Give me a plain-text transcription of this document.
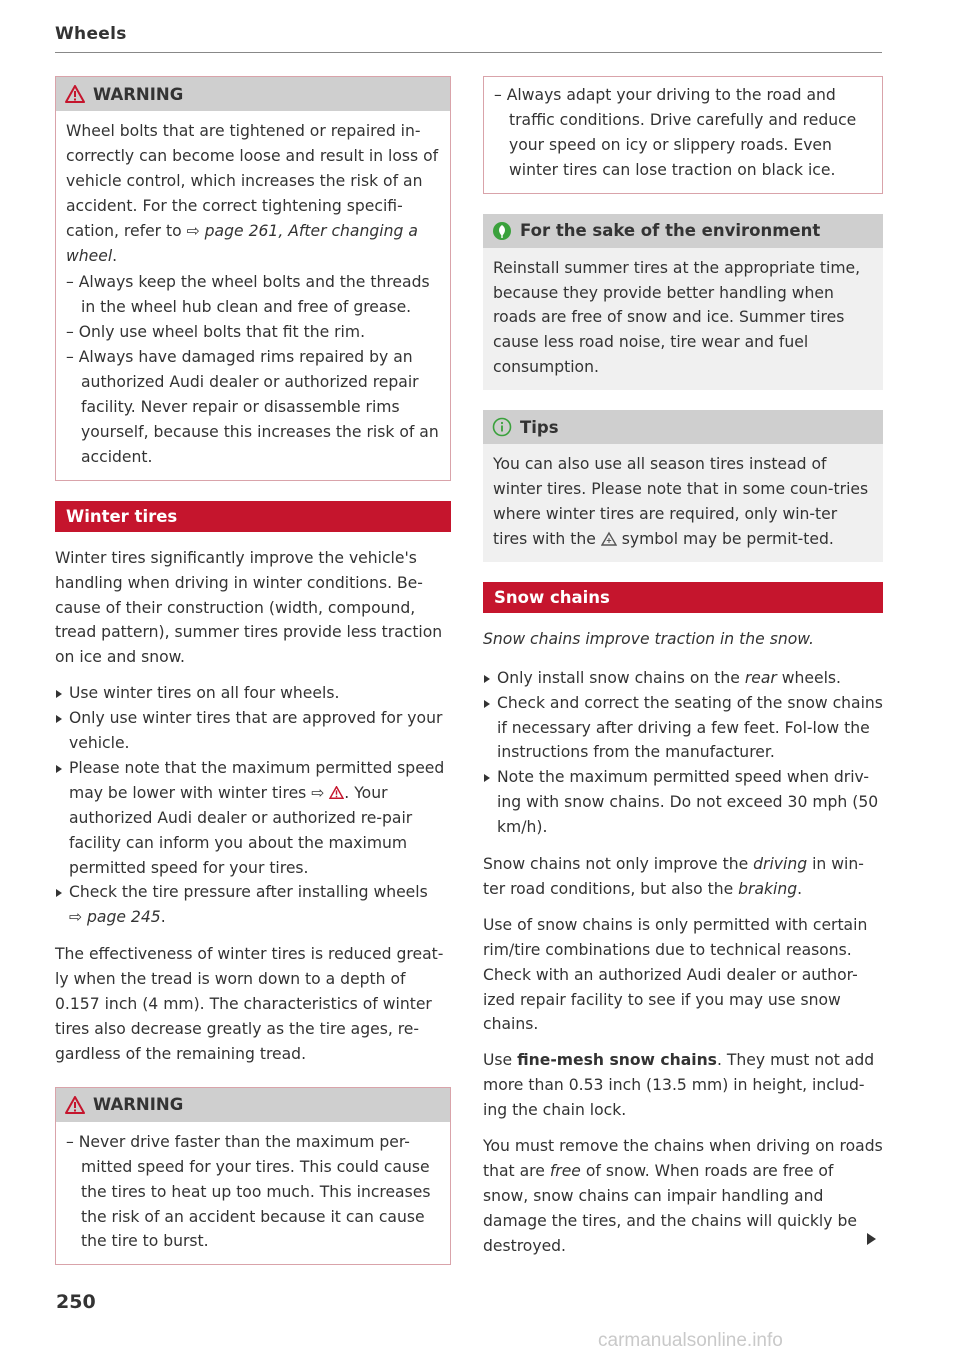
Wheels
WARNING

Wheel bolts that are tightened or repaired in-correctly can become loose and result in loss of vehicle control, which increases the risk of an accident. For the correct tightening specifi-cation, refer to ⇨ page 261, After changing a wheel.

– Always keep the wheel bolts and the threads in the wheel hub clean and free of grease.
– Only use wheel bolts that fit the rim.
– Always have damaged rims repaired by an authorized Audi dealer or authorized repair facility. Never repair or disassemble rims yourself, because this increases the risk of an accident.
Winter tires

Winter tires significantly improve the vehicle's handling when driving in winter conditions. Be-cause of their construction (width, compound, tread pattern), summer tires provide less traction on ice and snow.

Use winter tires on all four wheels.
Only use winter tires that are approved for your vehicle.
Please note that the maximum permitted speed may be lower with winter tires ⇨ . Your authorized Audi dealer or authorized re-pair facility can inform you about the maximum permitted speed for your tires.
Check the tire pressure after installing wheels
⇨ page 245.

The effectiveness of winter tires is reduced great-ly when the tread is worn down to a depth of 0.157 inch (4 mm). The characteristics of winter tires also decrease greatly as the tire ages, re-gardless of the remaining tread.

WARNING
– Never drive faster than the maximum per-mitted speed for your tires. This could cause the tires to heat up too much. This increases the risk of an accident because it can cause the tire to burst.
– Always adapt your driving to the road and traffic conditions. Drive carefully and reduce your speed on icy or slippery roads. Even winter tires can lose traction on black ice.
For the sake of the environment

Reinstall summer tires at the appropriate time, because they provide better handling when roads are free of snow and ice. Summer tires cause less road noise, tire wear and fuel consumption.

Tips

You can also use all season tires instead of winter tires. Please note that in some coun-tries where winter tires are required, only win-ter tires with the  symbol may be permit-ted.

Snow chains

Snow chains improve traction in the snow.

Only install snow chains on the rear wheels.
Check and correct the seating of the snow chains if necessary after driving a few feet. Fol-low the instructions from the manufacturer.
Note the maximum permitted speed when driv-ing with snow chains. Do not exceed 30 mph (50 km/h).

Snow chains not only improve the driving in win-ter road conditions, but also the braking.

Use of snow chains is only permitted with certain rim/tire combinations due to technical reasons. Check with an authorized Audi dealer or author-ized repair facility to see if you may use snow chains.

Use fine-mesh snow chains. They must not add more than 0.53 inch (13.5 mm) in height, includ-ing the chain lock.

You must remove the chains when driving on roads that are free of snow. When roads are free of snow, snow chains can impair handling and damage the tires, and the chains will quickly be destroyed.

250
carmanualsonline.info
